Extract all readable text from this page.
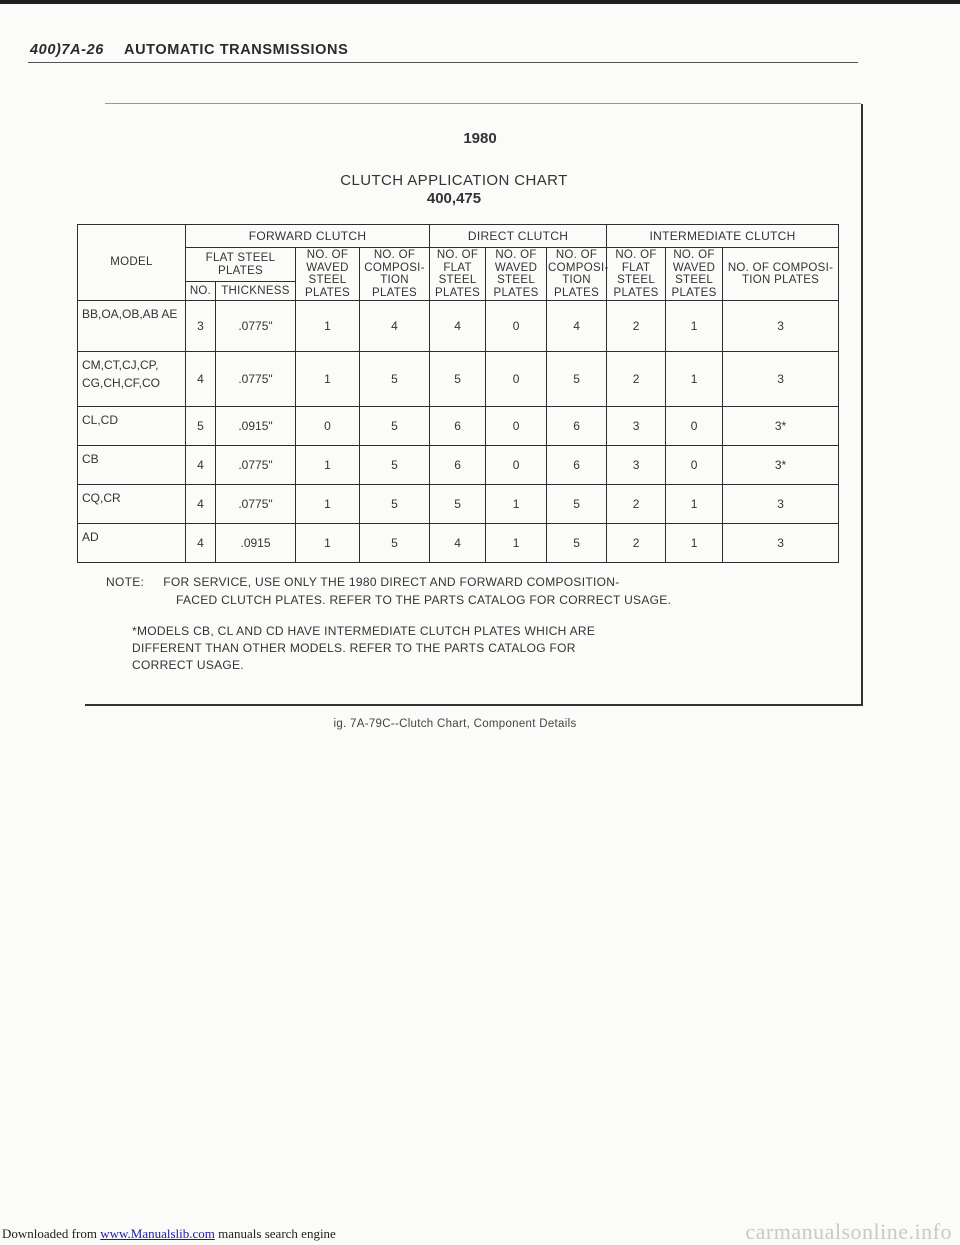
400)7A-26 AUTOMATIC TRANSMISSIONS
1980
CLUTCH APPLICATION CHART
400,475
MODEL	FORWARD CLUTCH				DIRECT CLUTCH			INTERMEDIATE CLUTCH		
	FLAT STEEL PLATES		NO. OF WAVED STEEL PLATES	NO. OF COMPOSI-TION PLATES	NO. OF FLAT STEEL PLATES	NO. OF WAVED STEEL PLATES	NO. OF COMPOSI-TION PLATES	NO. OF FLAT STEEL PLATES	NO. OF WAVED STEEL PLATES	NO. OF COMPOSI-TION PLATES
	NO.	THICKNESS								
BB,OA,OB,AB AE	3	.0775"	1	4	4	0	4	2	1	3
CM,CT,CJ,CP, CG,CH,CF,CO	4	.0775"	1	5	5	0	5	2	1	3
CL,CD	5	.0915"	0	5	6	0	6	3	0	3*
CB	4	.0775"	1	5	6	0	6	3	0	3*
CQ,CR	4	.0775"	1	5	5	1	5	2	1	3
AD	4	.0915	1	5	4	1	5	2	1	3
NOTE: FOR SERVICE, USE ONLY THE 1980 DIRECT AND FORWARD COMPOSITION-
FACED CLUTCH PLATES. REFER TO THE PARTS CATALOG FOR CORRECT USAGE.
*MODELS CB, CL AND CD HAVE INTERMEDIATE CLUTCH PLATES WHICH ARE
DIFFERENT THAN OTHER MODELS. REFER TO THE PARTS CATALOG FOR
CORRECT USAGE.
ig. 7A-79C--Clutch Chart, Component Details
Downloaded from www.Manualslib.com manuals search engine	carmanualsonline.info
